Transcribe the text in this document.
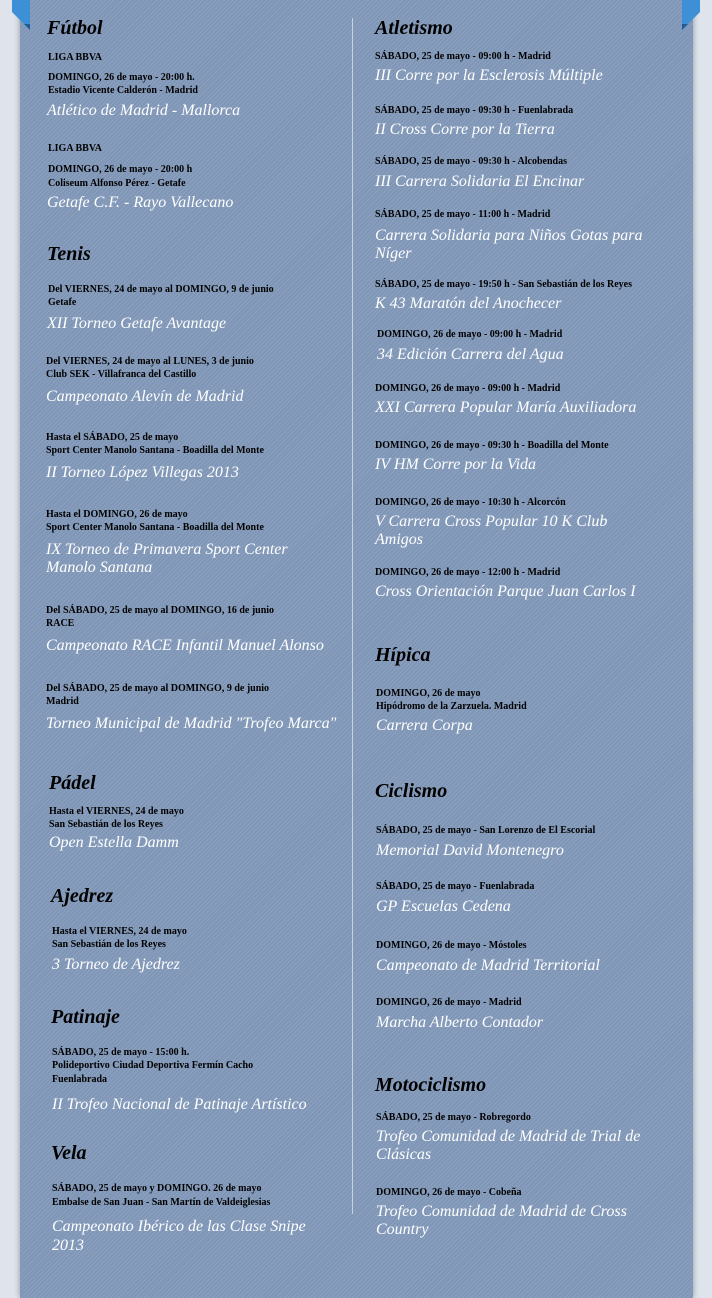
Fútbol
LIGA BBVA
DOMINGO, 26 de mayo - 20:00 h.
Estadio Vicente Calderón - Madrid
Atlético de Madrid - Mallorca
LIGA BBVA
DOMINGO, 26 de mayo - 20:00 h
Coliseum Alfonso Pérez - Getafe
Getafe C.F. - Rayo Vallecano
Tenis
Del VIERNES, 24 de mayo al DOMINGO, 9 de junio
Getafe
XII Torneo Getafe Avantage
Del VIERNES, 24 de mayo al LUNES, 3 de junio
Club SEK - Villafranca del Castillo
Campeonato Alevín de Madrid
Hasta el SÁBADO, 25 de mayo
Sport Center Manolo Santana - Boadilla del Monte
II Torneo López Villegas 2013
Hasta el DOMINGO, 26 de mayo
Sport Center Manolo Santana - Boadilla del Monte
IX Torneo de Primavera Sport Center
Manolo Santana
Del SÁBADO, 25 de mayo al DOMINGO, 16 de junio
RACE
Campeonato RACE Infantil Manuel Alonso
Del SÁBADO, 25 de mayo al DOMINGO, 9 de junio
Madrid
Torneo Municipal de Madrid "Trofeo Marca"
Pádel
Hasta el VIERNES, 24 de mayo
San Sebastián de los Reyes
Open Estella Damm
Ajedrez
Hasta el VIERNES, 24 de mayo
San Sebastián de los Reyes
3 Torneo de Ajedrez
Patinaje
SÁBADO, 25 de mayo - 15:00 h.
Polideportivo Ciudad Deportiva Fermín Cacho
Fuenlabrada
II Trofeo Nacional de Patinaje Artístico
Vela
SÁBADO, 25 de mayo y DOMINGO. 26 de mayo
Embalse de San Juan - San Martín de Valdeiglesias
Campeonato Ibérico de las Clase Snipe
2013
Atletismo
SÁBADO, 25 de mayo - 09:00 h - Madrid
III Corre por la Esclerosis Múltiple
SÁBADO, 25 de mayo - 09:30 h - Fuenlabrada
II Cross Corre por la Tierra
SÁBADO, 25 de mayo - 09:30 h - Alcobendas
III Carrera Solidaria El Encinar
SÁBADO, 25 de mayo - 11:00 h - Madrid
Carrera Solidaria para Niños Gotas para
Níger
SÁBADO, 25 de mayo - 19:50 h - San Sebastián de los Reyes
K 43 Maratón del Anochecer
DOMINGO, 26 de mayo - 09:00 h - Madrid
34 Edición Carrera del Agua
DOMINGO, 26 de mayo - 09:00 h - Madrid
XXI Carrera Popular María Auxiliadora
DOMINGO, 26 de mayo - 09:30 h - Boadilla del Monte
IV HM Corre por la Vida
DOMINGO, 26 de mayo - 10:30 h - Alcorcón
V Carrera Cross Popular 10 K Club
Amigos
DOMINGO, 26 de mayo - 12:00 h - Madrid
Cross Orientación Parque Juan Carlos I
Hípica
DOMINGO, 26 de mayo
Hipódromo de la Zarzuela. Madrid
Carrera Corpa
Ciclismo
SÁBADO, 25 de mayo - San Lorenzo de El Escorial
Memorial David Montenegro
SÁBADO, 25 de mayo - Fuenlabrada
GP Escuelas Cedena
DOMINGO, 26 de mayo - Móstoles
Campeonato de Madrid Territorial
DOMINGO, 26 de mayo - Madrid
Marcha Alberto Contador
Motociclismo
SÁBADO, 25 de mayo - Robregordo
Trofeo Comunidad de Madrid de Trial de
Clásicas
DOMINGO, 26 de mayo - Cobeña
Trofeo Comunidad de Madrid de Cross
Country
